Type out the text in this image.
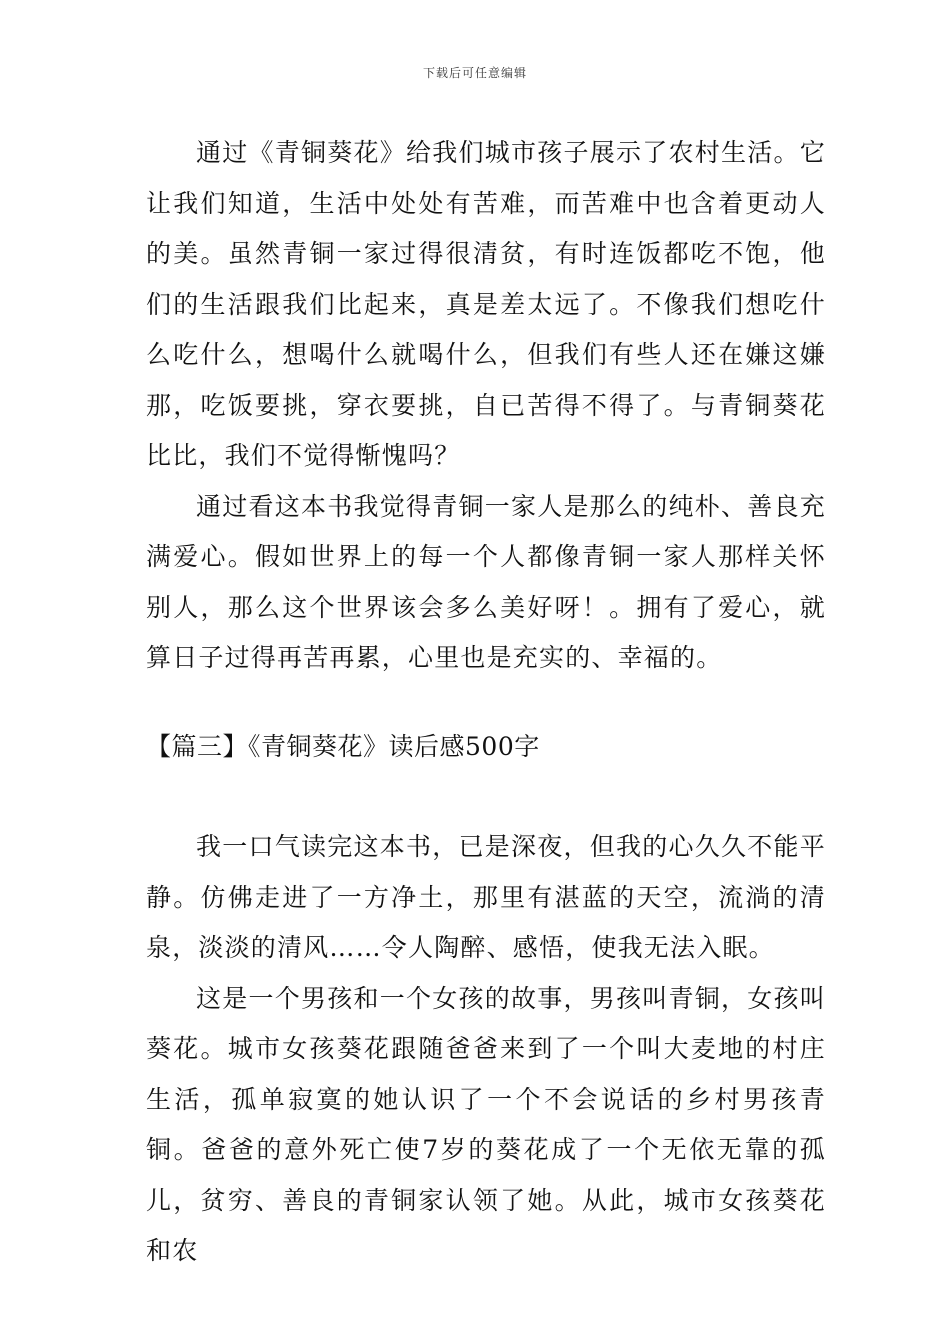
下载后可任意编辑

通过《青铜葵花》给我们城市孩子展示了农村生活。它让我们知道，生活中处处有苦难，而苦难中也含着更动人的美。虽然青铜一家过得很清贫，有时连饭都吃不饱，他们的生活跟我们比起来，真是差太远了。不像我们想吃什么吃什么，想喝什么就喝什么，但我们有些人还在嫌这嫌那，吃饭要挑，穿衣要挑，自已苦得不得了。与青铜葵花比比，我们不觉得惭愧吗？

通过看这本书我觉得青铜一家人是那么的纯朴、善良充满爱心。假如世界上的每一个人都像青铜一家人那样关怀别人，那么这个世界该会多么美好呀！。拥有了爱心，就算日子过得再苦再累，心里也是充实的、幸福的。

【篇三】《青铜葵花》读后感500字

我一口气读完这本书，已是深夜，但我的心久久不能平静。仿佛走进了一方净土，那里有湛蓝的天空，流淌的清泉，淡淡的清风……令人陶醉、感悟，使我无法入眠。

这是一个男孩和一个女孩的故事，男孩叫青铜，女孩叫葵花。城市女孩葵花跟随爸爸来到了一个叫大麦地的村庄生活，孤单寂寞的她认识了一个不会说话的乡村男孩青铜。爸爸的意外死亡使7岁的葵花成了一个无依无靠的孤儿，贫穷、善良的青铜家认领了她。从此，城市女孩葵花和农
